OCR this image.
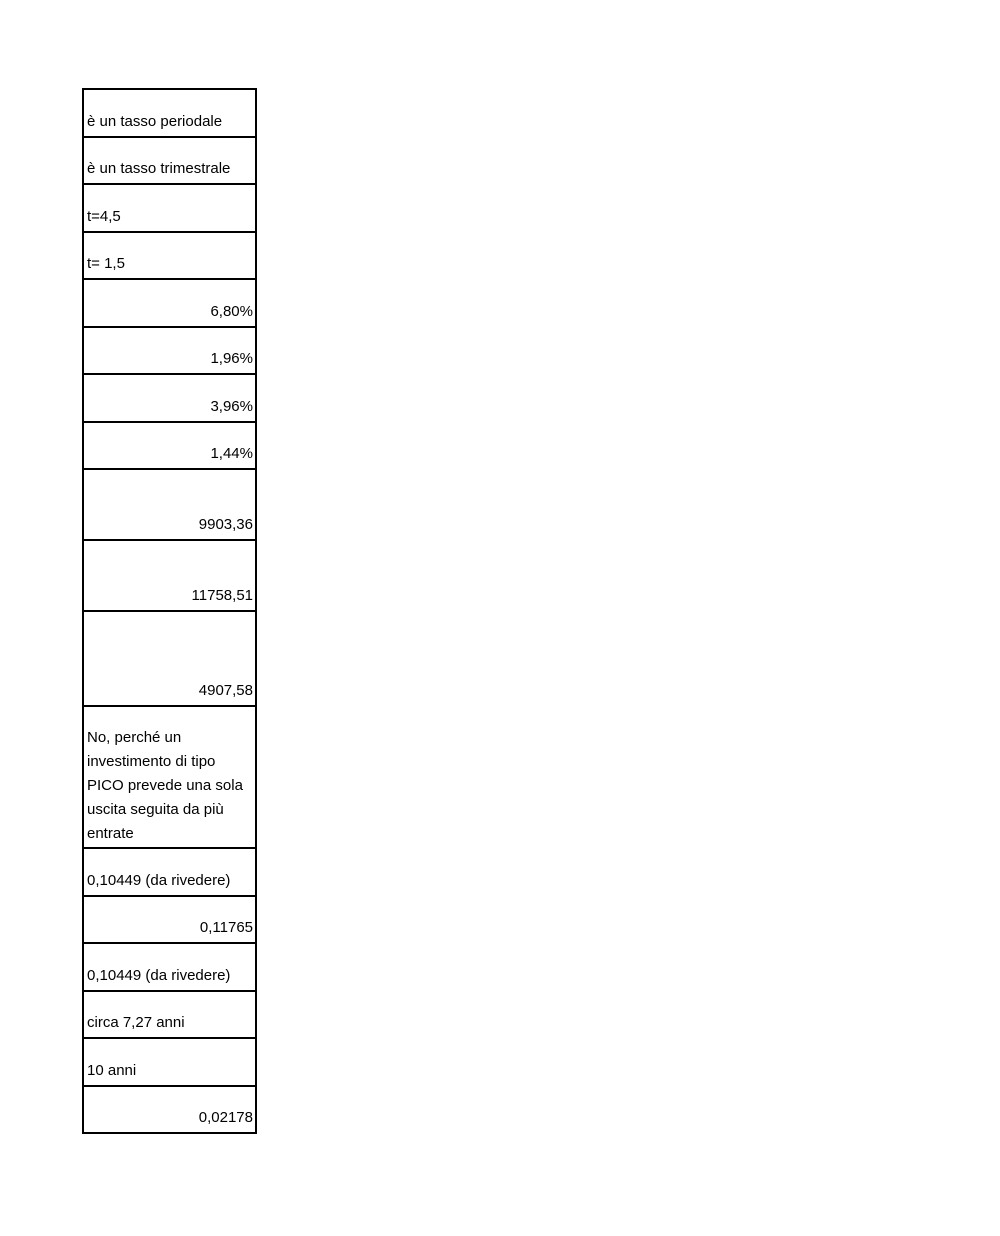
è un tasso periodale
è un tasso trimestrale
t=4,5
t= 1,5
6,80%
1,96%
3,96%
1,44%
9903,36
11758,51
4907,58
No, perché un investimento di tipo PICO prevede una sola uscita seguita da più entrate
0,10449 (da rivedere)
0,11765
0,10449 (da rivedere)
circa 7,27 anni
10 anni
0,02178
